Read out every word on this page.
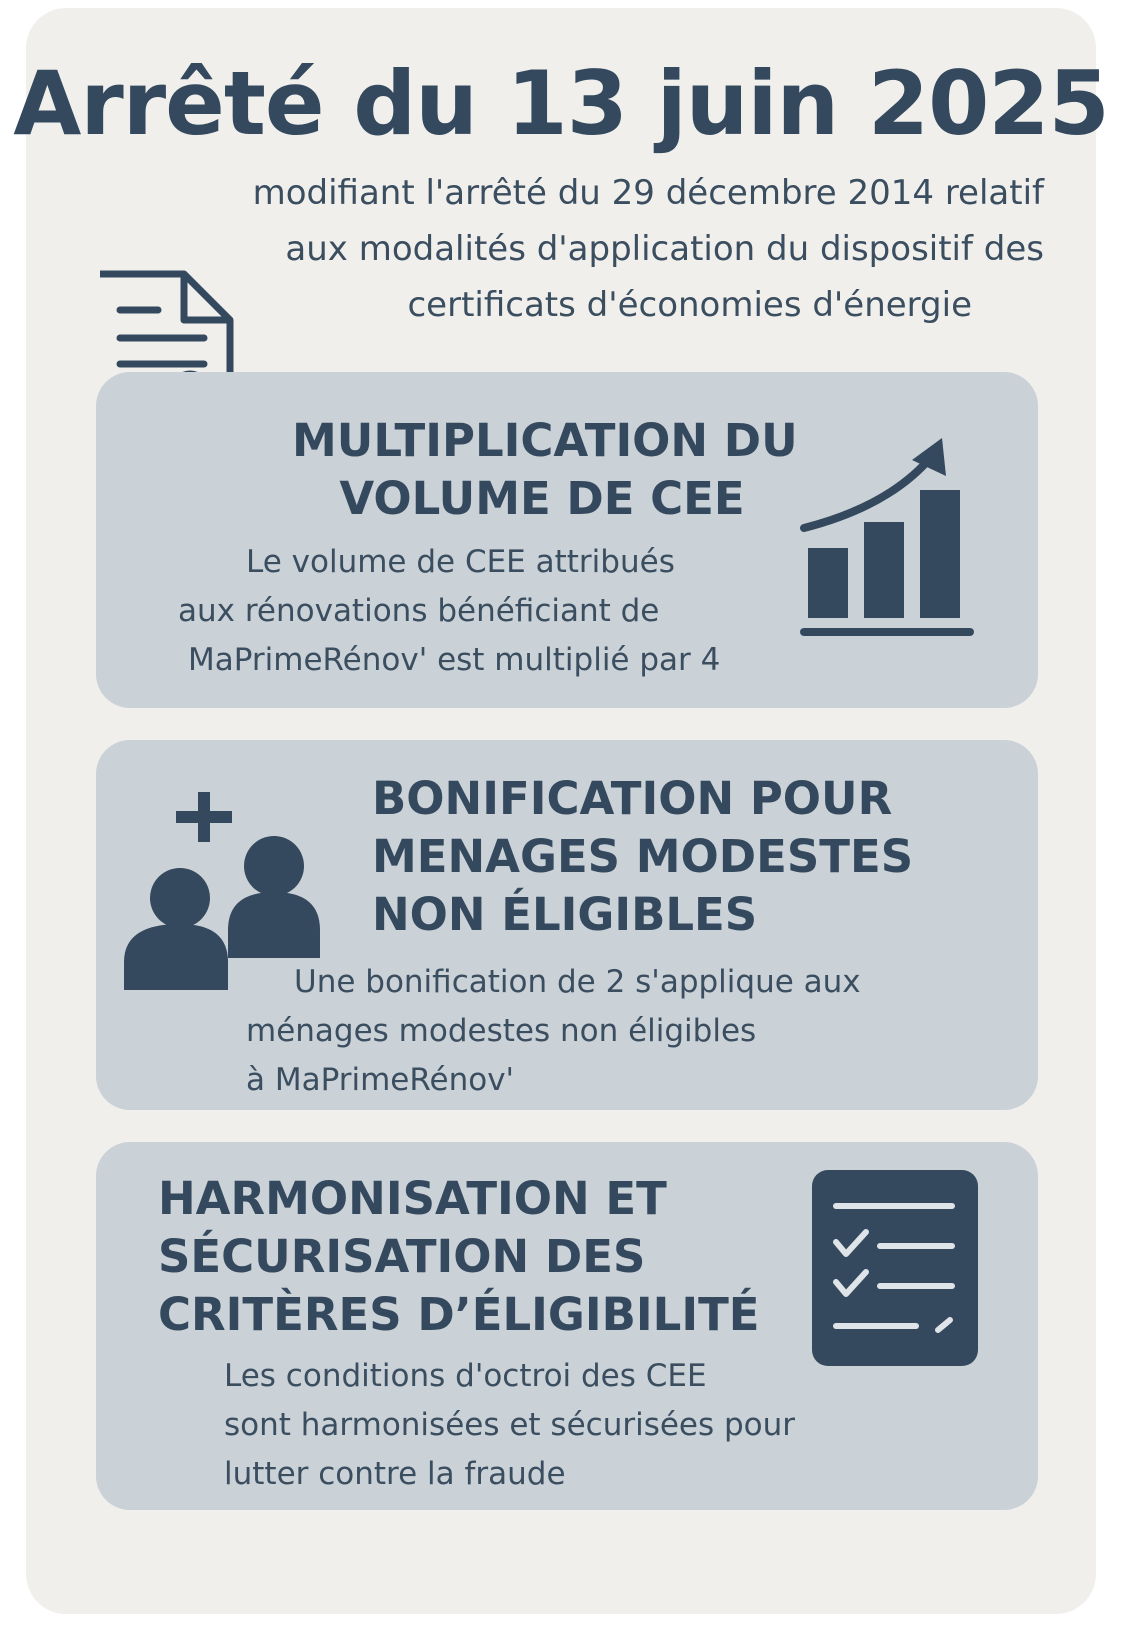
Arrêté du 13 juin 2025

modifiant l'arrêté du 29 décembre 2014 relatif
aux modalités d'application du dispositif des
certificats d'économies d'énergie

MULTIPLICATION DU
VOLUME DE CEE

Le volume de CEE attribués
aux rénovations bénéficiant de
MaPrimeRénov' est multiplié par 4

BONIFICATION POUR
MENAGES MODESTES
NON ÉLIGIBLES

Une bonification de 2 s'applique aux
ménages modestes non éligibles
à MaPrimeRénov'

HARMONISATION ET
SÉCURISATION DES
CRITÈRES D’ÉLIGIBILITÉ

Les conditions d'octroi des CEE
sont harmonisées et sécurisées pour
lutter contre la fraude
